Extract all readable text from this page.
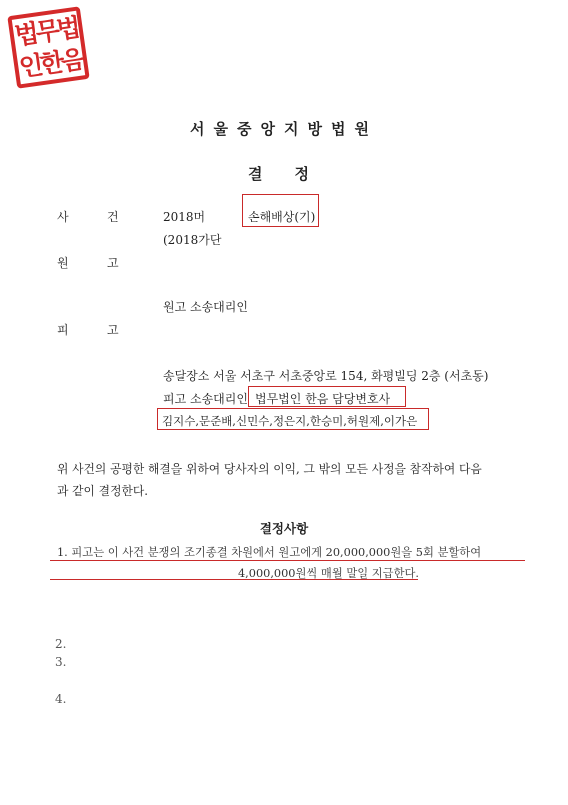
법무법
인한음
서울중앙지방법원
결정
사	건	2018머	손해배상(기)
(2018가단
원	고
원고 소송대리인
피	고
송달장소 서울 서초구 서초중앙로 154, 화평빌딩 2층 (서초동)
피고 소송대리인 법무법인 한음 담당변호사
김지수,문준배,신민수,정은지,한승미,허원제,이가은
위 사건의 공평한 해결을 위하여 당사자의 이익, 그 밖의 모든 사정을 참작하여 다음
과 같이 결정한다.
결정사항
1. 피고는 이 사건 분쟁의 조기종결 차원에서 원고에게 20,000,000원을 5회 분할하여
4,000,000원씩 매월 말일 지급한다.
2.
3.
4.
